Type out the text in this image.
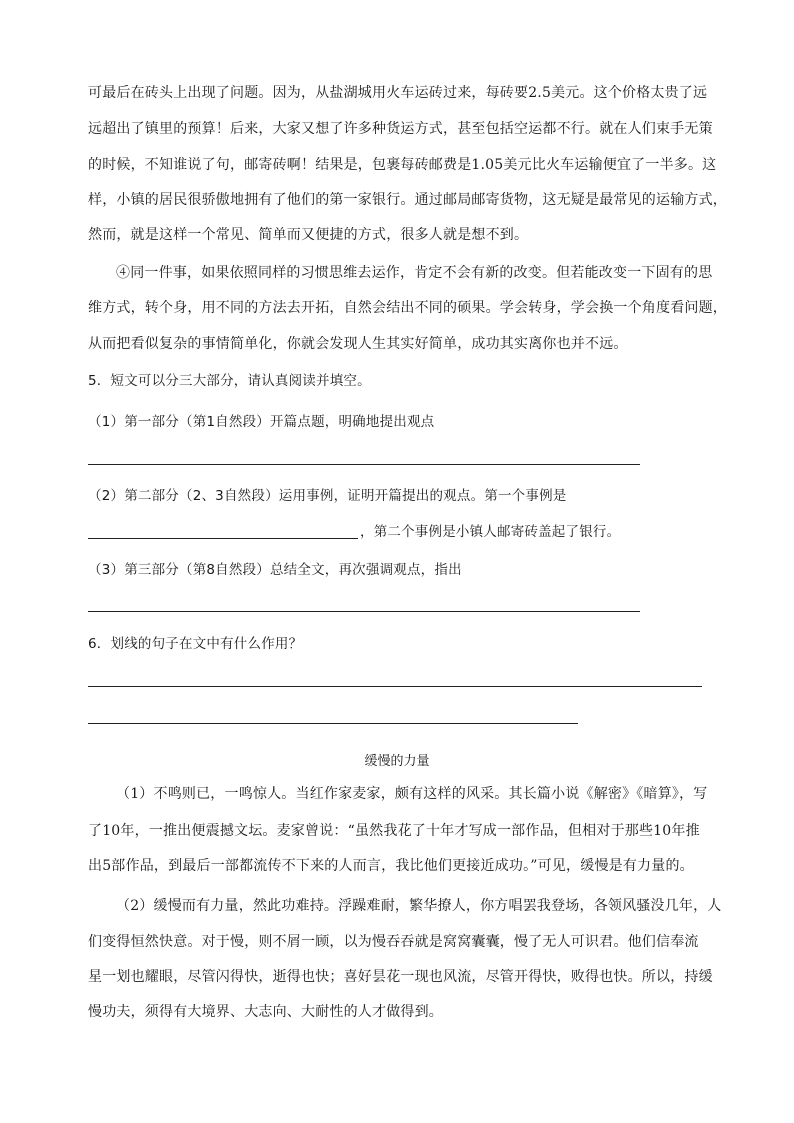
可最后在砖头上出现了问题。因为，从盐湖城用火车运砖过来，每砖要2.5美元。这个价格太贵了远
远超出了镇里的预算！后来，大家又想了许多种货运方式，甚至包括空运都不行。就在人们束手无策
的时候，不知谁说了句，邮寄砖啊！结果是，包裹每砖邮费是1.05美元比火车运输便宜了一半多。这
样，小镇的居民很骄傲地拥有了他们的第一家银行。通过邮局邮寄货物，这无疑是最常见的运输方式，
然而，就是这样一个常见、简单而又便捷的方式，很多人就是想不到。
④同一件事，如果依照同样的习惯思维去运作，肯定不会有新的改变。但若能改变一下固有的思
维方式，转个身，用不同的方法去开拓，自然会结出不同的硕果。学会转身，学会换一个角度看问题，
从而把看似复杂的事情简单化，你就会发现人生其实好简单，成功其实离你也并不远。
5．短文可以分三大部分，请认真阅读并填空。
（1）第一部分（第1自然段）开篇点题，明确地提出观点
（2）第二部分（2、3自然段）运用事例，证明开篇提出的观点。第一个事例是
，第二个事例是小镇人邮寄砖盖起了银行。
（3）第三部分（第8自然段）总结全文，再次强调观点，指出
6．划线的句子在文中有什么作用？
缓慢的力量
（1）不鸣则已，一鸣惊人。当红作家麦家，颇有这样的风采。其长篇小说《解密》《暗算》，写
了10年，一推出便震撼文坛。麦家曾说：“虽然我花了十年才写成一部作品，但相对于那些10年推
出5部作品，到最后一部都流传不下来的人而言，我比他们更接近成功。”可见，缓慢是有力量的。
（2）缓慢而有力量，然此功难持。浮躁难耐，繁华撩人，你方唱罢我登场，各领风骚没几年，人
们变得恒然快意。对于慢，则不屑一顾，以为慢吞吞就是窝窝囊囊，慢了无人可识君。他们信奉流
星一划也耀眼，尽管闪得快，逝得也快；喜好昙花一现也风流，尽管开得快，败得也快。所以，持缓
慢功夫，须得有大境界、大志向、大耐性的人才做得到。
